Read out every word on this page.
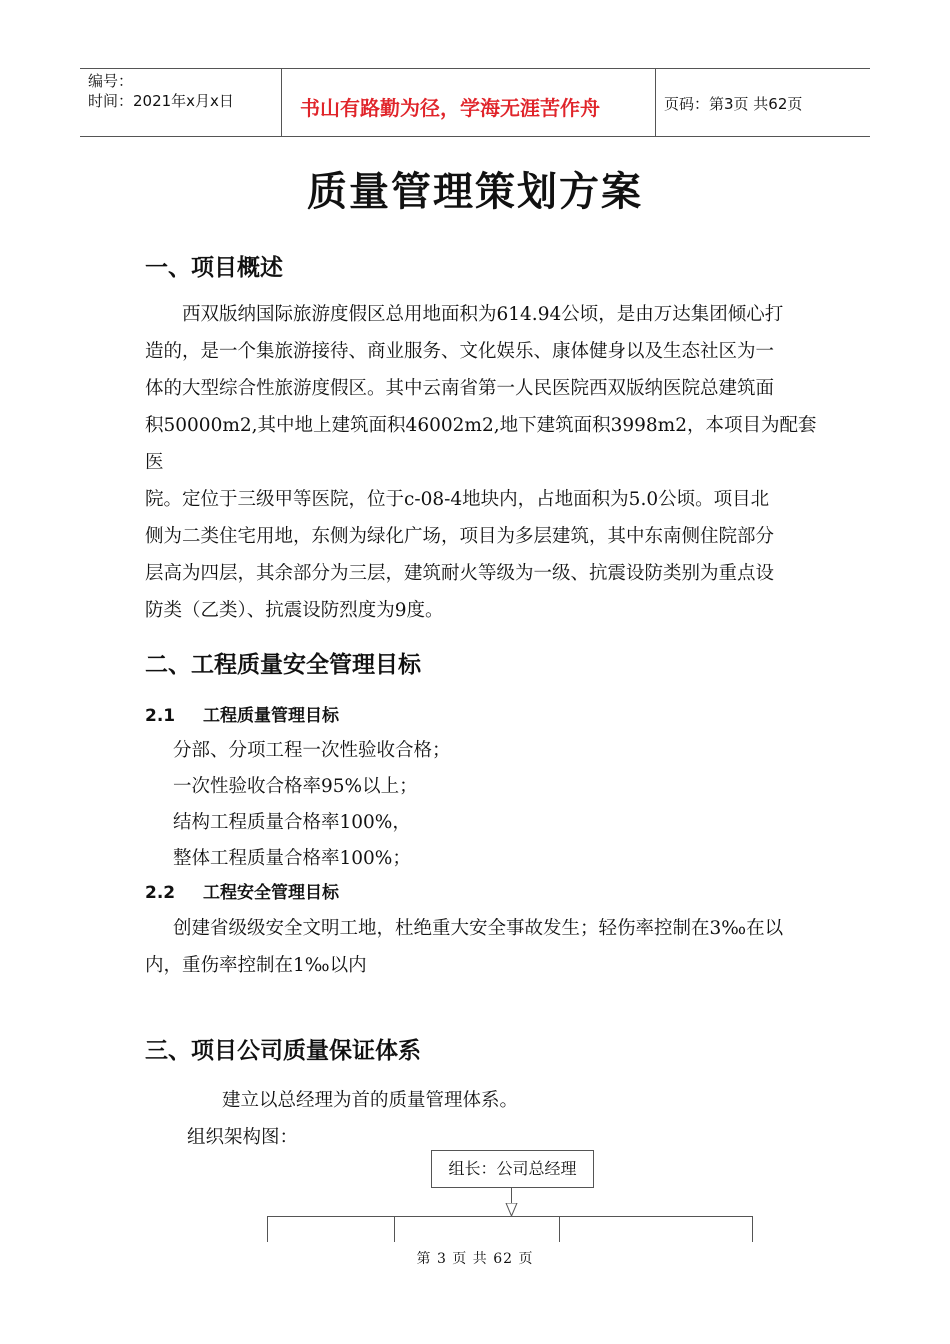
编号：
时间：2021年x月x日	书山有路勤为径，学海无涯苦作舟	页码：第3页 共62页
质量管理策划方案
一、项目概述
西双版纳国际旅游度假区总用地面积为614.94公顷，是由万达集团倾心打
造的，是一个集旅游接待、商业服务、文化娱乐、康体健身以及生态社区为一
体的大型综合性旅游度假区。其中云南省第一人民医院西双版纳医院总建筑面
积50000m2,其中地上建筑面积46002m2,地下建筑面积3998m2，本项目为配套医
院。定位于三级甲等医院，位于c-08-4地块内，占地面积为5.0公顷。项目北
侧为二类住宅用地，东侧为绿化广场，项目为多层建筑，其中东南侧住院部分
层高为四层，其余部分为三层，建筑耐火等级为一级、抗震设防类别为重点设
防类（乙类）、抗震设防烈度为9度。
二、工程质量安全管理目标
2.1 工程质量管理目标
分部、分项工程一次性验收合格；
一次性验收合格率95%以上；
结构工程质量合格率100%，
整体工程质量合格率100%；
2.2 工程安全管理目标
创建省级级安全文明工地，杜绝重大安全事故发生；轻伤率控制在3‰在以
内，重伤率控制在1‰以内
三、项目公司质量保证体系
建立以总经理为首的质量管理体系。
组织架构图：
组长：公司总经理
第 3 页 共 62 页
